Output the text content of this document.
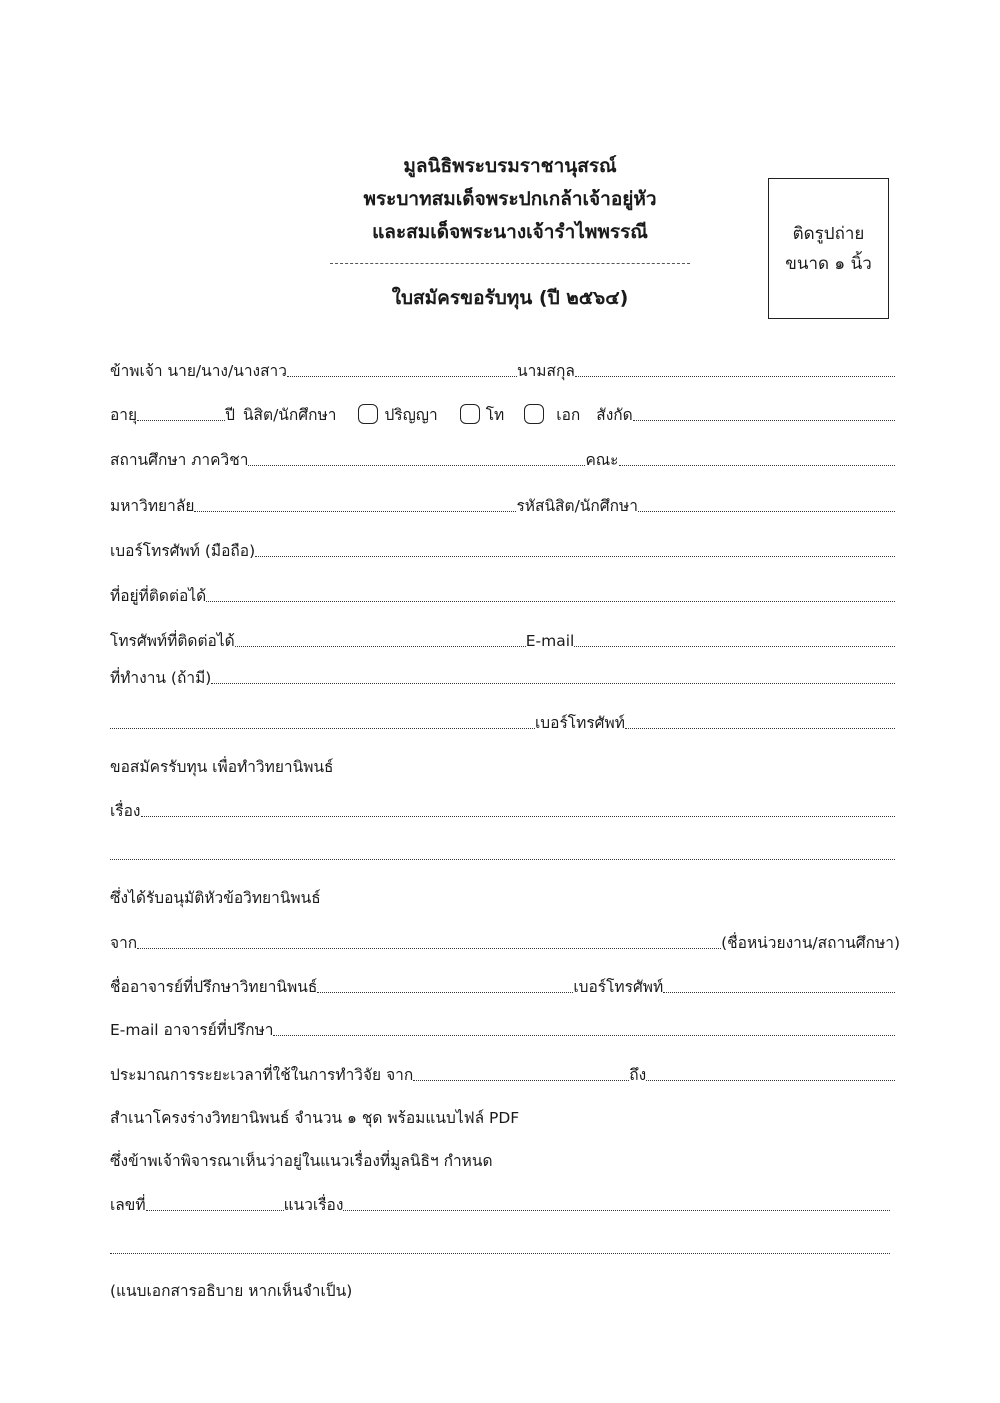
มูลนิธิพระบรมราชานุสรณ์
พระบาทสมเด็จพระปกเกล้าเจ้าอยู่หัว
และสมเด็จพระนางเจ้ารำไพพรรณี
ใบสมัครขอรับทุน (ปี ๒๕๖๔)
ติดรูปถ่าย
ขนาด ๑ นิ้ว
ข้าพเจ้า นาย/นาง/นางสาว	นามสกุล
อายุ	ปี นิสิต/นักศึกษา	ปริญญา	โท	เอก สังกัด
สถานศึกษา ภาควิชา	คณะ
มหาวิทยาลัย	รหัสนิสิต/นักศึกษา
เบอร์โทรศัพท์ (มือถือ)
ที่อยู่ที่ติดต่อได้
โทรศัพท์ที่ติดต่อได้	E-mail
ที่ทำงาน (ถ้ามี)
เบอร์โทรศัพท์
ขอสมัครรับทุน เพื่อทำวิทยานิพนธ์
เรื่อง
ซึ่งได้รับอนุมัติหัวข้อวิทยานิพนธ์
จาก	(ชื่อหน่วยงาน/สถานศึกษา)
ชื่ออาจารย์ที่ปรึกษาวิทยานิพนธ์	เบอร์โทรศัพท์
E-mail อาจารย์ที่ปรึกษา
ประมาณการระยะเวลาที่ใช้ในการทำวิจัย จาก	ถึง
สำเนาโครงร่างวิทยานิพนธ์ จำนวน ๑ ชุด พร้อมแนบไฟล์ PDF
ซึ่งข้าพเจ้าพิจารณาเห็นว่าอยู่ในแนวเรื่องที่มูลนิธิฯ กำหนด
เลขที่	แนวเรื่อง
(แนบเอกสารอธิบาย หากเห็นจำเป็น)
